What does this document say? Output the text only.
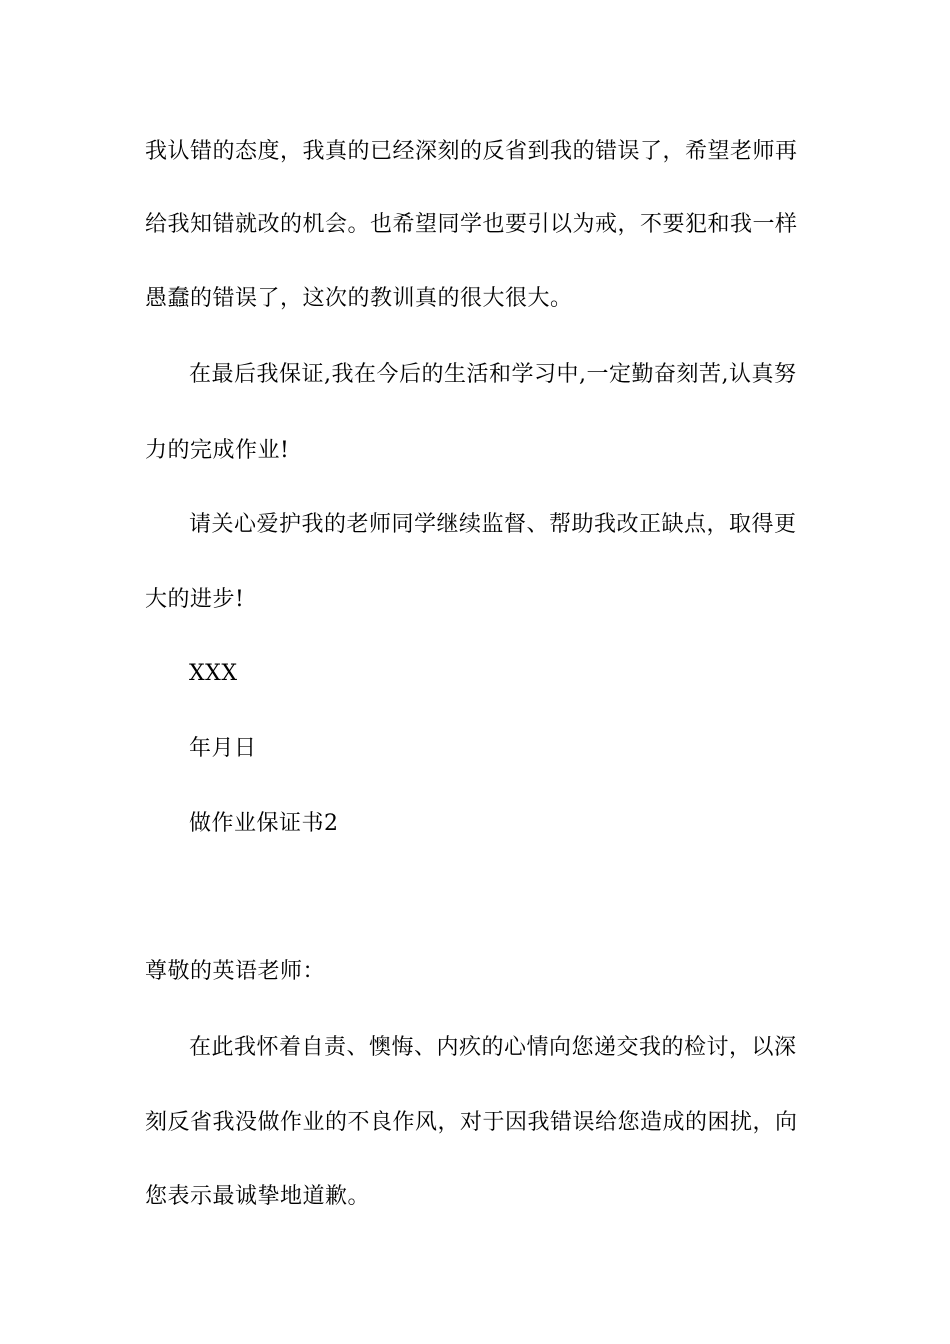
我认错的态度，我真的已经深刻的反省到我的错误了，希望老师再
给我知错就改的机会。也希望同学也要引以为戒，不要犯和我一样
愚蠢的错误了，这次的教训真的很大很大。
在最后我保证,我在今后的生活和学习中,一定勤奋刻苦,认真努
力的完成作业!
请关心爱护我的老师同学继续监督、帮助我改正缺点，取得更
大的进步!
XXX
年月日
做作业保证书2
尊敬的英语老师：
在此我怀着自责、懊悔、内疚的心情向您递交我的检讨，以深
刻反省我没做作业的不良作风，对于因我错误给您造成的困扰，向
您表示最诚挚地道歉。
